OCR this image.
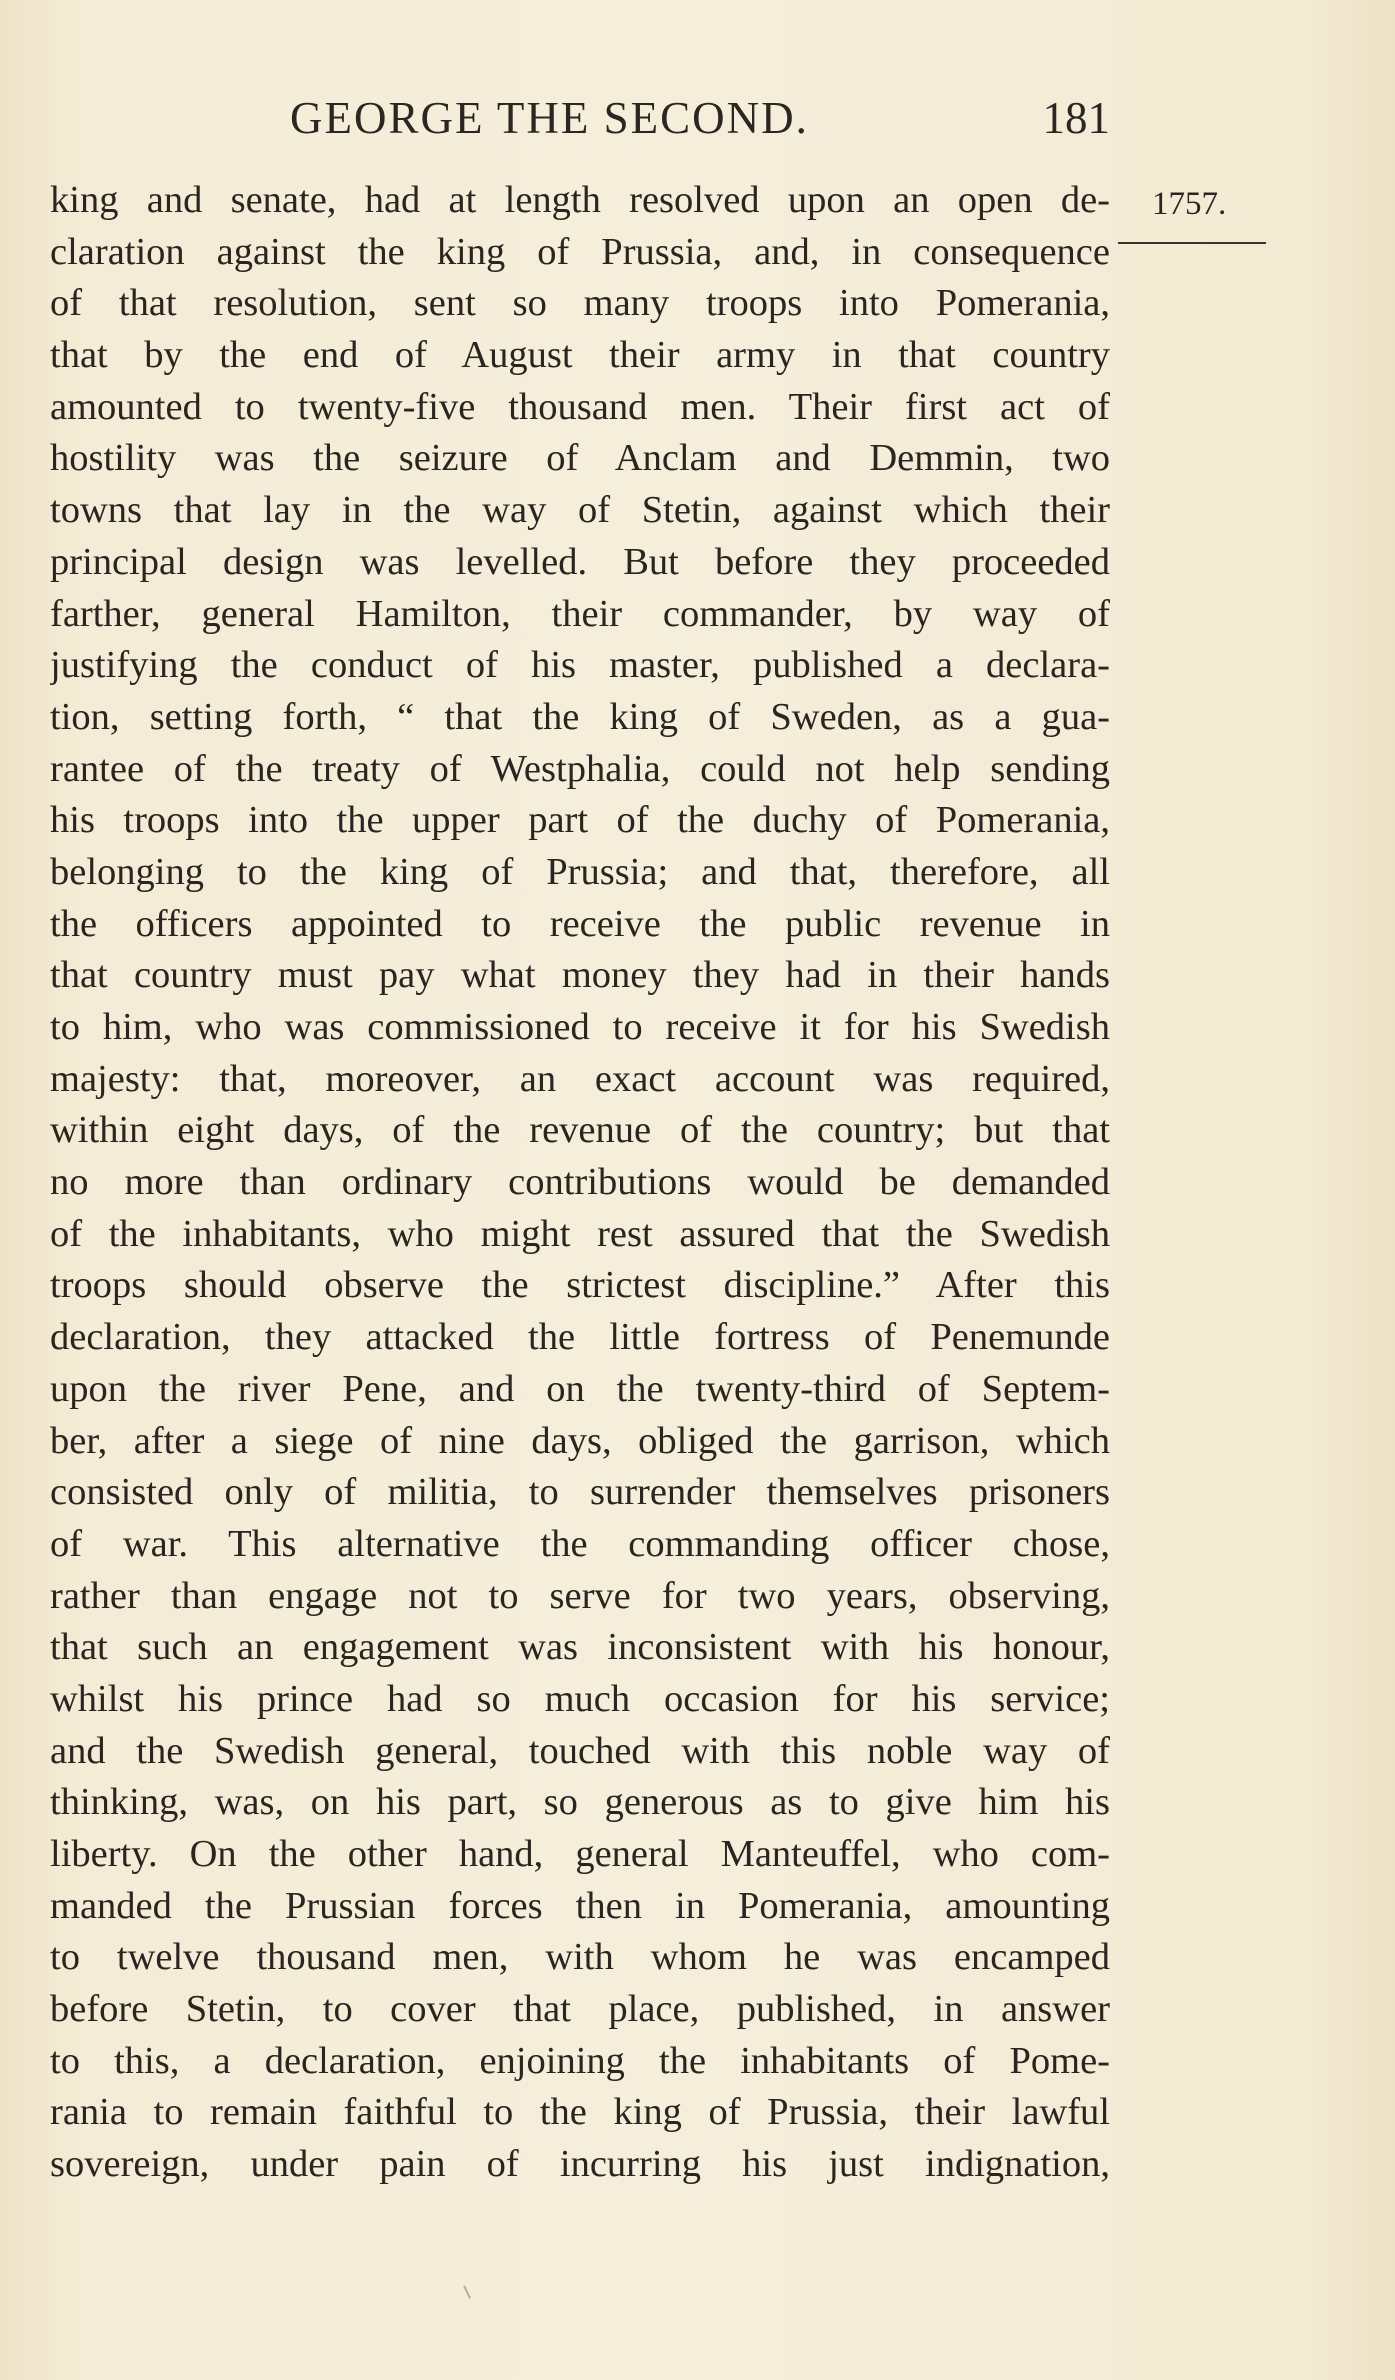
GEORGE THE SECOND.	181
1757.
king and senate, had at length resolved upon an open de-
claration against the king of Prussia, and, in consequence
of that resolution, sent so many troops into Pomerania,
that by the end of August their army in that country
amounted to twenty-five thousand men. Their first act of
hostility was the seizure of Anclam and Demmin, two
towns that lay in the way of Stetin, against which their
principal design was levelled. But before they proceeded
farther, general Hamilton, their commander, by way of
justifying the conduct of his master, published a declara-
tion, setting forth, “ that the king of Sweden, as a gua-
rantee of the treaty of Westphalia, could not help sending
his troops into the upper part of the duchy of Pomerania,
belonging to the king of Prussia; and that, therefore, all
the officers appointed to receive the public revenue in
that country must pay what money they had in their hands
to him, who was commissioned to receive it for his Swedish
majesty: that, moreover, an exact account was required,
within eight days, of the revenue of the country; but that
no more than ordinary contributions would be demanded
of the inhabitants, who might rest assured that the Swedish
troops should observe the strictest discipline.” After this
declaration, they attacked the little fortress of Penemunde
upon the river Pene, and on the twenty-third of Septem-
ber, after a siege of nine days, obliged the garrison, which
consisted only of militia, to surrender themselves prisoners
of war. This alternative the commanding officer chose,
rather than engage not to serve for two years, observing,
that such an engagement was inconsistent with his honour,
whilst his prince had so much occasion for his service;
and the Swedish general, touched with this noble way of
thinking, was, on his part, so generous as to give him his
liberty. On the other hand, general Manteuffel, who com-
manded the Prussian forces then in Pomerania, amounting
to twelve thousand men, with whom he was encamped
before Stetin, to cover that place, published, in answer
to this, a declaration, enjoining the inhabitants of Pome-
rania to remain faithful to the king of Prussia, their lawful
sovereign, under pain of incurring his just indignation,
